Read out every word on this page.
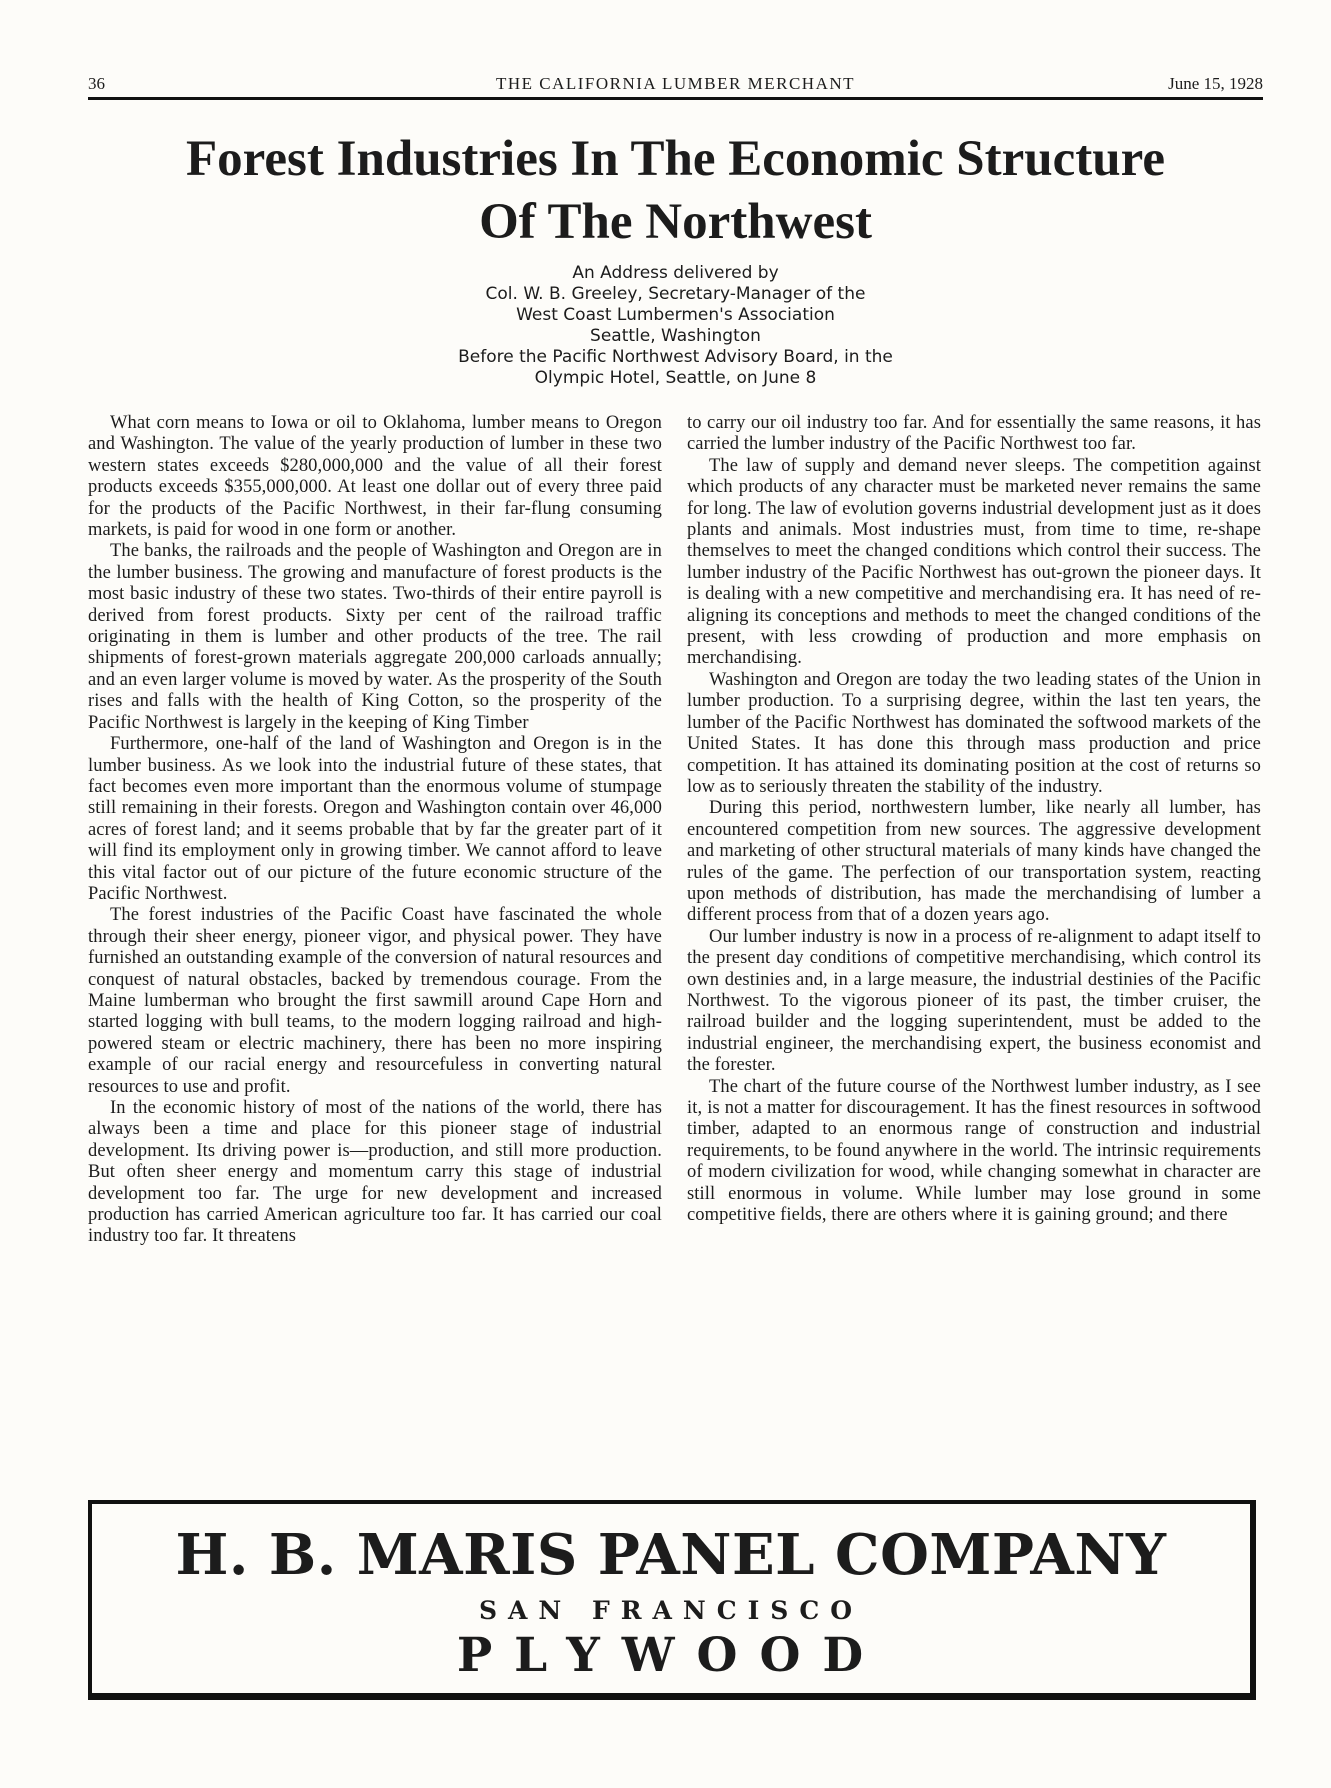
36	THE CALIFORNIA LUMBER MERCHANT	June 15, 1928
Forest Industries In The Economic Structure
Of The Northwest
An Address delivered by
Col. W. B. Greeley, Secretary-Manager of the
West Coast Lumbermen's Association
Seattle, Washington
Before the Pacific Northwest Advisory Board, in the
Olympic Hotel, Seattle, on June 8

What corn means to Iowa or oil to Oklahoma, lumber means to Oregon and Washington. The value of the yearly production of lumber in these two western states exceeds $280,000,000 and the value of all their forest products exceeds $355,000,000. At least one dollar out of every three paid for the products of the Pacific Northwest, in their far-flung consuming markets, is paid for wood in one form or another.

The banks, the railroads and the people of Washington and Oregon are in the lumber business. The growing and manufacture of forest products is the most basic industry of these two states. Two-thirds of their entire payroll is derived from forest products. Sixty per cent of the railroad traffic originating in them is lumber and other products of the tree. The rail shipments of forest-grown materials aggregate 200,000 carloads annually; and an even larger volume is moved by water. As the prosperity of the South rises and falls with the health of King Cotton, so the prosperity of the Pacific Northwest is largely in the keeping of King Timber

Furthermore, one-half of the land of Washington and Oregon is in the lumber business. As we look into the industrial future of these states, that fact becomes even more important than the enormous volume of stumpage still remaining in their forests. Oregon and Washington contain over 46,000 acres of forest land; and it seems probable that by far the greater part of it will find its employment only in growing timber. We cannot afford to leave this vital factor out of our picture of the future economic structure of the Pacific Northwest.

The forest industries of the Pacific Coast have fascinated the whole through their sheer energy, pioneer vigor, and physical power. They have furnished an outstanding example of the conversion of natural resources and conquest of natural obstacles, backed by tremendous courage. From the Maine lumberman who brought the first sawmill around Cape Horn and started logging with bull teams, to the modern logging railroad and high-powered steam or electric machinery, there has been no more inspiring example of our racial energy and resourcefuless in converting natural resources to use and profit.

In the economic history of most of the nations of the world, there has always been a time and place for this pioneer stage of industrial development. Its driving power is—production, and still more production. But often sheer energy and momentum carry this stage of industrial development too far. The urge for new development and increased production has carried American agriculture too far. It has carried our coal industry too far. It threatens

to carry our oil industry too far. And for essentially the same reasons, it has carried the lumber industry of the Pacific Northwest too far.

The law of supply and demand never sleeps. The competition against which products of any character must be marketed never remains the same for long. The law of evolution governs industrial development just as it does plants and animals. Most industries must, from time to time, re-shape themselves to meet the changed conditions which control their success. The lumber industry of the Pacific Northwest has out-grown the pioneer days. It is dealing with a new competitive and merchandising era. It has need of re-aligning its conceptions and methods to meet the changed conditions of the present, with less crowding of production and more emphasis on merchandising.

Washington and Oregon are today the two leading states of the Union in lumber production. To a surprising degree, within the last ten years, the lumber of the Pacific Northwest has dominated the softwood markets of the United States. It has done this through mass production and price competition. It has attained its dominating position at the cost of returns so low as to seriously threaten the stability of the industry.

During this period, northwestern lumber, like nearly all lumber, has encountered competition from new sources. The aggressive development and marketing of other structural materials of many kinds have changed the rules of the game. The perfection of our transportation system, reacting upon methods of distribution, has made the merchandising of lumber a different process from that of a dozen years ago.

Our lumber industry is now in a process of re-alignment to adapt itself to the present day conditions of competitive merchandising, which control its own destinies and, in a large measure, the industrial destinies of the Pacific Northwest. To the vigorous pioneer of its past, the timber cruiser, the railroad builder and the logging superintendent, must be added to the industrial engineer, the merchandising expert, the business economist and the forester.

The chart of the future course of the Northwest lumber industry, as I see it, is not a matter for discouragement. It has the finest resources in softwood timber, adapted to an enormous range of construction and industrial requirements, to be found anywhere in the world. The intrinsic requirements of modern civilization for wood, while changing somewhat in character are still enormous in volume. While lumber may lose ground in some competitive fields, there are others where it is gaining ground; and there

H. B. MARIS PANEL COMPANY
SAN FRANCISCO
PLYWOOD
